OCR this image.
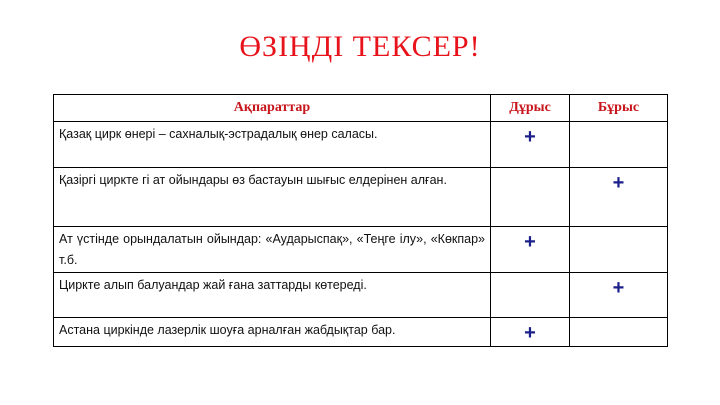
ӨЗІҢДІ ТЕКСЕР!
Ақпараттар	Дұрыс	Бұрыс
Қазақ цирк өнері – сахналық-эстрадалық өнер саласы.	+	
Қазіргі циркте гі ат ойындары өз бастауын шығыс елдерінен алған.		+
Ат үстінде орындалатын ойындар: «Аударыспақ», «Теңге ілу», «Көкпар» т.б.	+	
Циркте алып балуандар жай ғана заттарды көтереді.		+
Астана циркінде лазерлік шоуға арналған жабдықтар бар.	+	
